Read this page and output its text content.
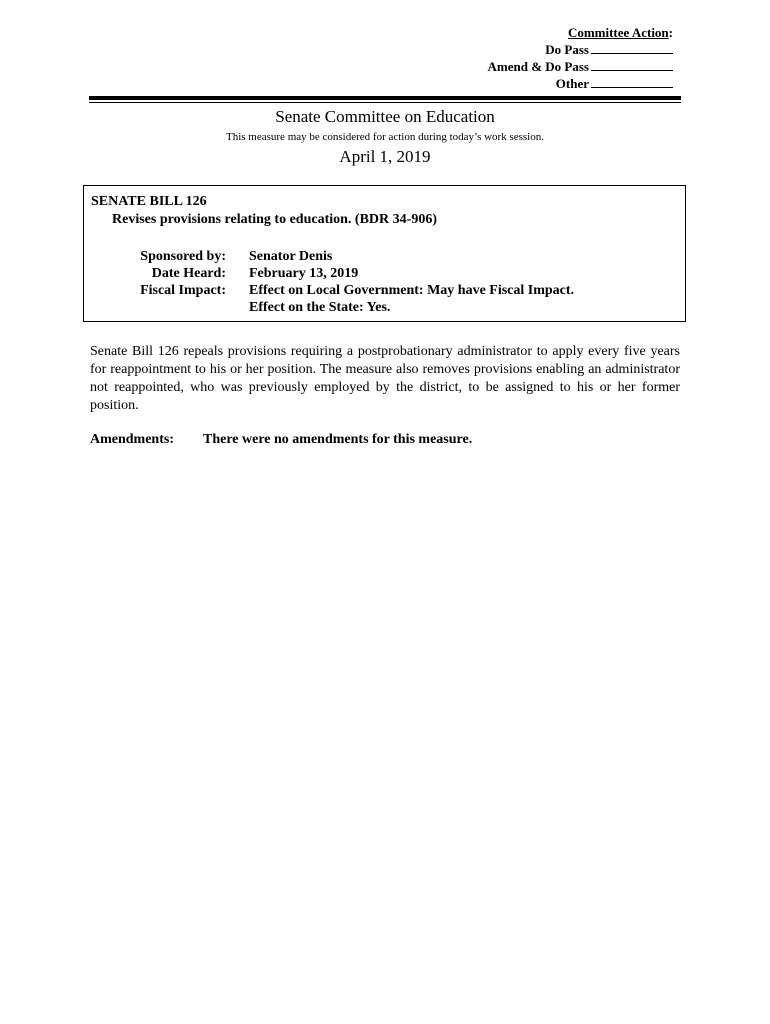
Committee Action:
Do Pass
Amend & Do Pass
Other
Senate Committee on Education
This measure may be considered for action during today’s work session.
April 1, 2019
SENATE BILL 126
Revises provisions relating to education. (BDR 34-906)
Sponsored by: Senator Denis
Date Heard: February 13, 2019
Fiscal Impact: Effect on Local Government: May have Fiscal Impact.
Effect on the State: Yes.
Senate Bill 126 repeals provisions requiring a postprobationary administrator to apply every five years for reappointment to his or her position. The measure also removes provisions enabling an administrator not reappointed, who was previously employed by the district, to be assigned to his or her former position.
Amendments: There were no amendments for this measure.
